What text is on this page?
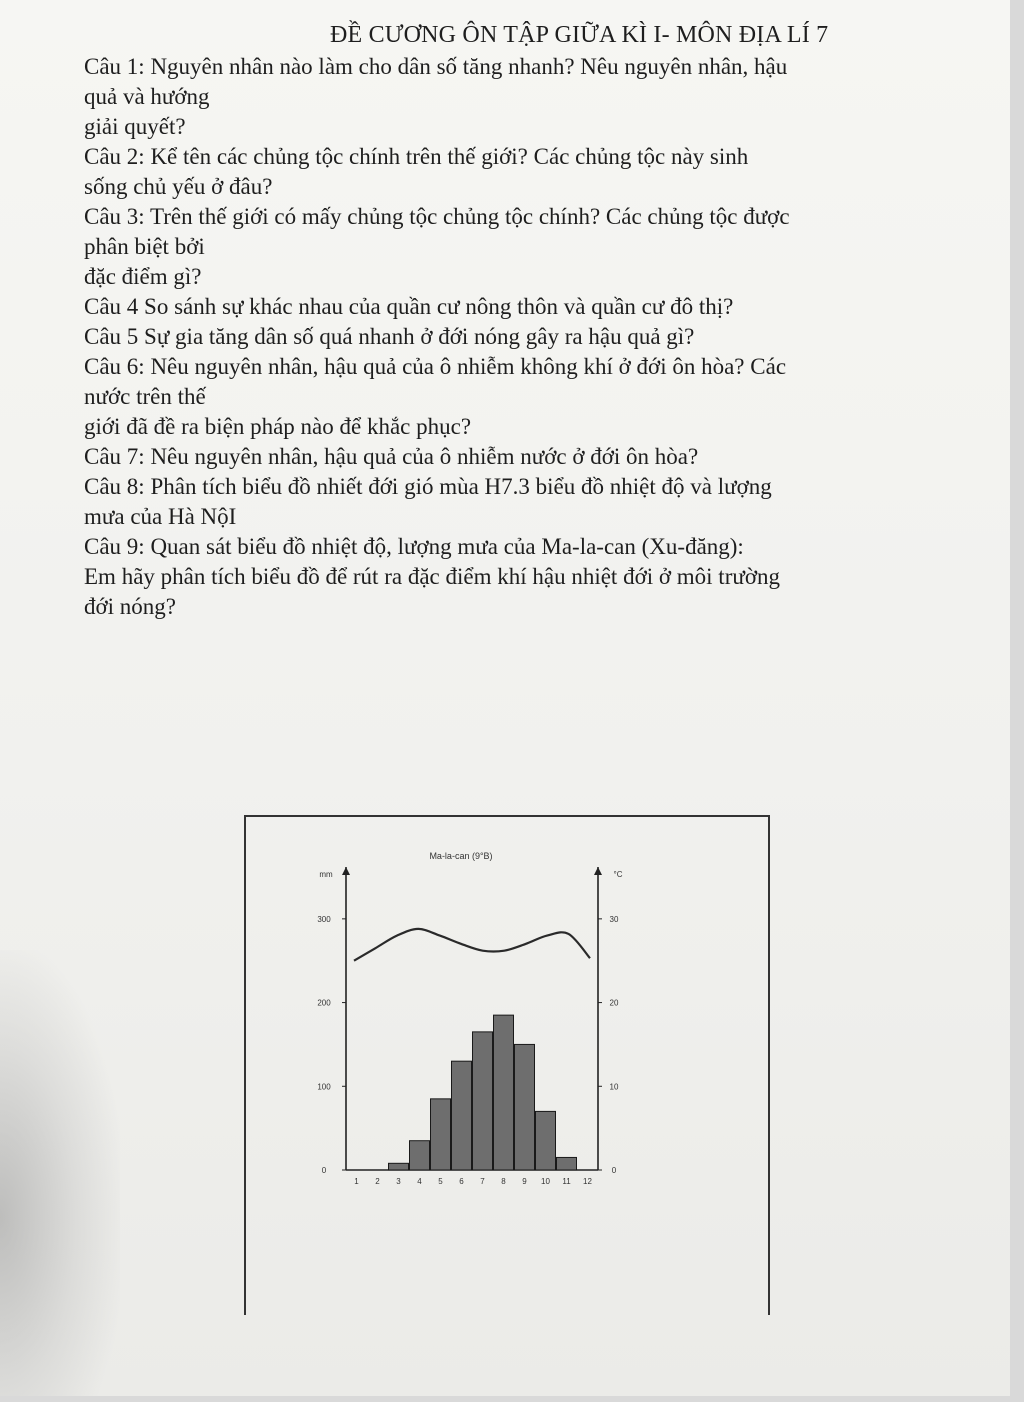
ĐỀ CƯƠNG ÔN TẬP GIỮA KÌ I- MÔN ĐỊA LÍ 7
Câu 1: Nguyên nhân nào làm cho dân số tăng nhanh? Nêu nguyên nhân, hậu
quả và hướng
giải quyết?
Câu 2: Kể tên các chủng tộc chính trên thế giới? Các chủng tộc này sinh
sống chủ yếu ở đâu?
Câu 3: Trên thế giới có mấy chủng tộc chủng tộc chính? Các chủng tộc được
phân biệt bởi
đặc điểm gì?
Câu 4 So sánh sự khác nhau của quần cư nông thôn và quần cư đô thị?
Câu 5 Sự gia tăng dân số quá nhanh ở đới nóng gây ra hậu quả gì?
Câu 6: Nêu nguyên nhân, hậu quả của ô nhiễm không khí ở đới ôn hòa? Các
nước trên thế
giới đã đề ra biện pháp nào để khắc phục?
Câu 7: Nêu nguyên nhân, hậu quả của ô nhiễm nước ở đới ôn hòa?
Câu 8: Phân tích biểu đồ nhiết đới gió mùa H7.3 biểu đồ nhiệt độ và lượng
mưa của Hà NộI
Câu 9: Quan sát biểu đồ nhiệt độ, lượng mưa của Ma-la-can (Xu-đăng):
Em hãy phân tích biểu đồ để rút ra đặc điểm khí hậu nhiệt đới ở môi trường
đới nóng?
Ma-la-can (9°B)
mm	°C
0
100
200
300
0
10
20
30
1 2 3 4 5 6 7 8 9 10 11 12
